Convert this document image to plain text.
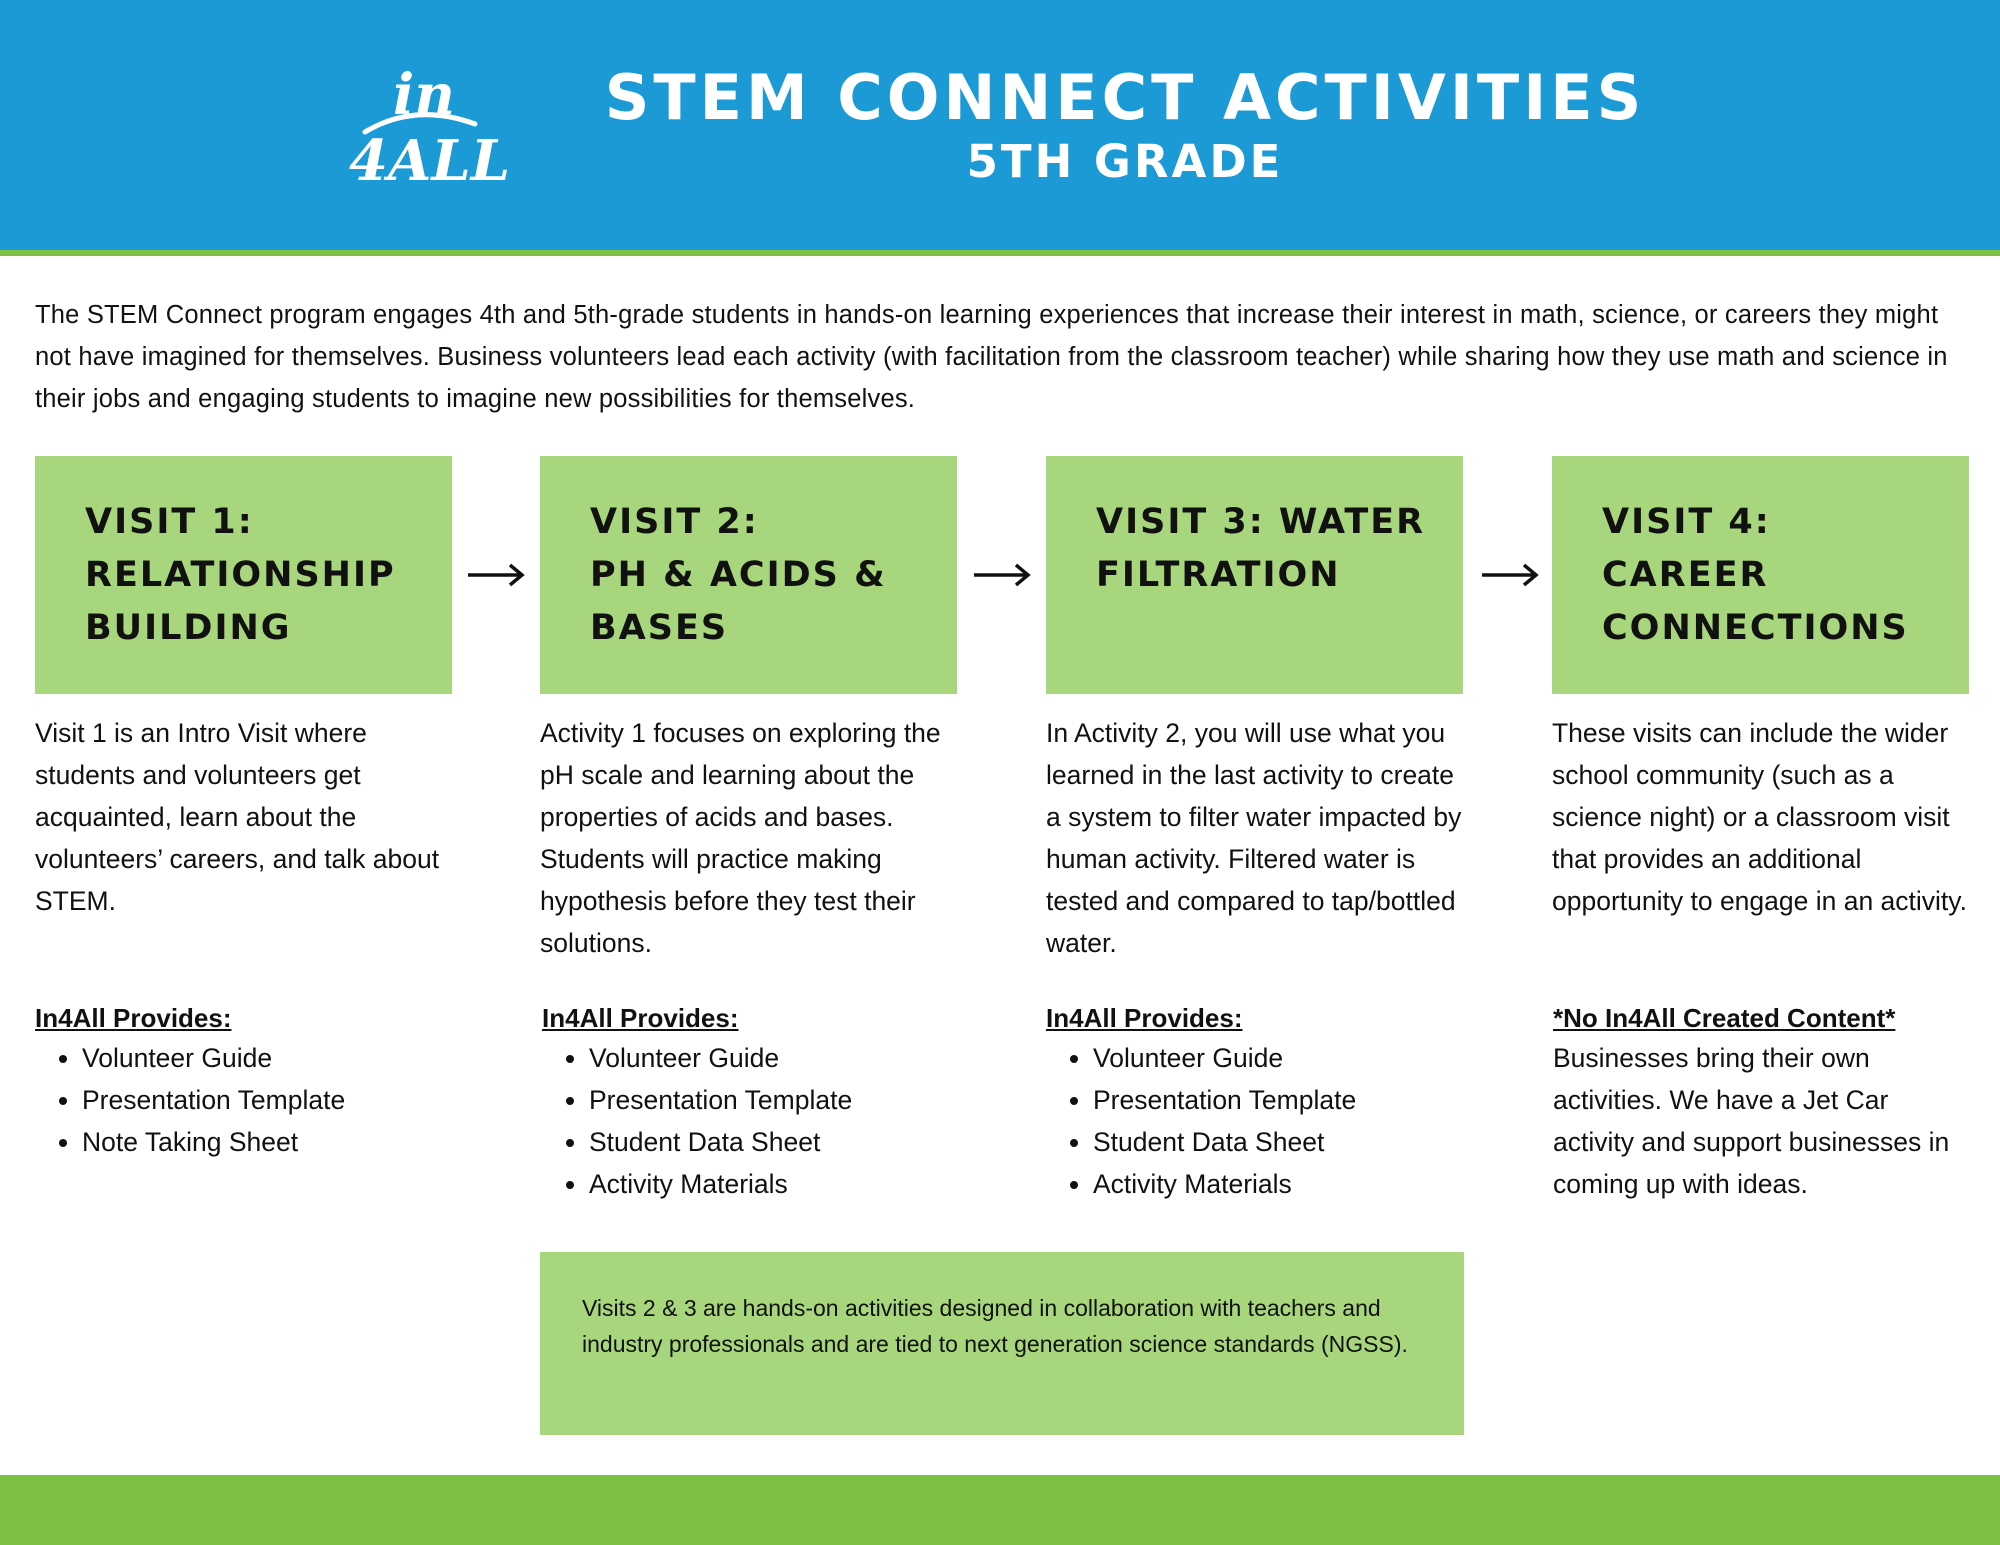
in
4ALL
STEM CONNECT ACTIVITIES
5TH GRADE
The STEM Connect program engages 4th and 5th-grade students in hands-on learning experiences that increase their interest in math, science, or careers they might not have imagined for themselves. Business volunteers lead each activity (with facilitation from the classroom teacher) while sharing how they use math and science in their jobs and engaging students to imagine new possibilities for themselves.
VISIT 1:
RELATIONSHIP
BUILDING
VISIT 2:
PH & ACIDS &
BASES
VISIT 3: WATER
FILTRATION
VISIT 4:
CAREER
CONNECTIONS
Visit 1 is an Intro Visit where students and volunteers get acquainted, learn about the volunteers’ careers, and talk about STEM.
Activity 1 focuses on exploring the pH scale and learning about the properties of acids and bases. Students will practice making hypothesis before they test their solutions.
In Activity 2, you will use what you learned in the last activity to create a system to filter water impacted by human activity. Filtered water is tested and compared to tap/bottled water.
These visits can include the wider school community (such as a science night) or a classroom visit that provides an additional opportunity to engage in an activity.
In4All Provides:	In4All Provides:	In4All Provides:	*No In4All Created Content*
• Volunteer Guide
• Presentation Template
• Note Taking Sheet
• Volunteer Guide
• Presentation Template
• Student Data Sheet
• Activity Materials
• Volunteer Guide
• Presentation Template
• Student Data Sheet
• Activity Materials
Businesses bring their own activities. We have a Jet Car activity and support businesses in coming up with ideas.
Visits 2 & 3 are hands-on activities designed in collaboration with teachers and industry professionals and are tied to next generation science standards (NGSS).
